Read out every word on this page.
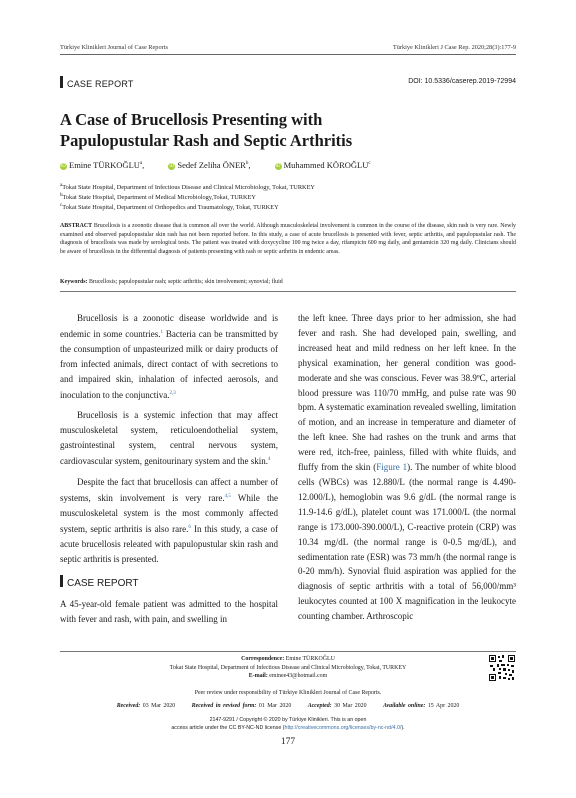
Türkiye Klinikleri Journal of Case Reports	Türkiye Klinikleri J Case Rep. 2020;28(3):177-9
CASE REPORT	DOI: 10.5336/caserep.2019-72994
A Case of Brucellosis Presenting with
Papulopustular Rash and Septic Arthritis
iD Emine TÜRKOĞLU$^a$,	iD Sedef Zeliha ÖNER$^b$,	iD Muhammed KÖROĞLU$^c$
$^a$Tokat State Hospital, Department of Infectious Disease and Clinical Microbiology, Tokat, TURKEY
$^b$Tokat State Hospital, Department of Medical Microbiology,Tokat, TURKEY
$^c$Tokat State Hospital, Department of Orthopedics and Traumatology, Tokat, TURKEY
ABSTRACT Brucellosis is a zoonotic disease that is common all over the world. Although musculoskeletal involvement is common in the course of the disease, skin rash is very rare. Newly examined and observed papulopustular skin rash has not been reported before. In this study, a case of acute brucellosis is presented with fever, septic arthritis, and papulopustular rash. The diagnosis of brucellosis was made by serological tests. The patient was treated with doxycycline 100 mg twice a day, rifampicin 600 mg daily, and gentamicin 320 mg daily. Clinicians should be aware of brucellosis in the differential diagnosis of patients presenting with rash or septic arthritis in endemic areas.
Keywords: Brucellosis; papulopustular rash; septic arthritis; skin involvement; synovial; fluid

Brucellosis is a zoonotic disease worldwide and is endemic in some countries.$^1$ Bacteria can be transmitted by the consumption of unpasteurized milk or dairy products of from infected animals, direct contact of with secretions to and impaired skin, inhalation of infected aerosols, and inoculation to the conjunctiva.$^{2,3}$

Brucellosis is a systemic infection that may affect musculoskeletal system, reticuloendothelial system, gastrointestinal system, central nervous system, cardiovascular system, genitourinary system and the skin.$^4$

Despite the fact that brucellosis can affect a number of systems, skin involvement is very rare.$^{4,5}$ While the musculoskeletal system is the most commonly affected system, septic arthritis is also rare.$^6$ In this study, a case of acute brucellosis releated with papulopustular skin rash and septic arthritis is presented.

CASE REPORT

A 45-year-old female patient was admitted to the hospital with fever and rash, with pain, and swelling in

the left knee. Three days prior to her admission, she had fever and rash. She had developed pain, swelling, and increased heat and mild redness on her left knee. In the physical examination, her general condition was good-moderate and she was conscious. Fever was 38.9ºC, arterial blood pressure was 110/70 mmHg, and pulse rate was 90 bpm. A systematic examination revealed swelling, limitation of motion, and an increase in temperature and diameter of the left knee. She had rashes on the trunk and arms that were red, itch-free, painless, filled with white fluids, and fluffy from the skin (Figure 1). The number of white blood cells (WBCs) was 12.880/L (the normal range is 4.490-12.000/L), hemoglobin was 9.6 g/dL (the normal range is 11.9-14.6 g/dL), platelet count was 171.000/L (the normal range is 173.000-390.000/L), C-reactive protein (CRP) was 10.34 mg/dL (the normal range is 0-0.5 mg/dL), and sedimentation rate (ESR) was 73 mm/h (the normal range is 0-20 mm/h). Synovial fluid aspiration was applied for the diagnosis of septic arthritis with a total of 56,000/mm³ leukocytes counted at 100 X magnification in the leukocyte counting chamber. Arthroscopic

Correspondence: Emine TÜRKOĞLU
Tokat State Hospital, Department of Infectious Disease and Clinical Microbiology, Tokat, TURKEY
E-mail: eminee43@hotmail.com
Peer review under responsibility of Türkiye Klinikleri Journal of Case Reports.
Received: 03 Mar 2020	Received in revised form: 01 Mar 2020	Accepted: 30 Mar 2020	Available online: 15 Apr 2020
2147-9291 / Copyright © 2020 by Türkiye Klinikleri. This is an open
access article under the CC BY-NC-ND license (http://creativecommons.org/licenses/by-nc-nd/4.0/).
177
